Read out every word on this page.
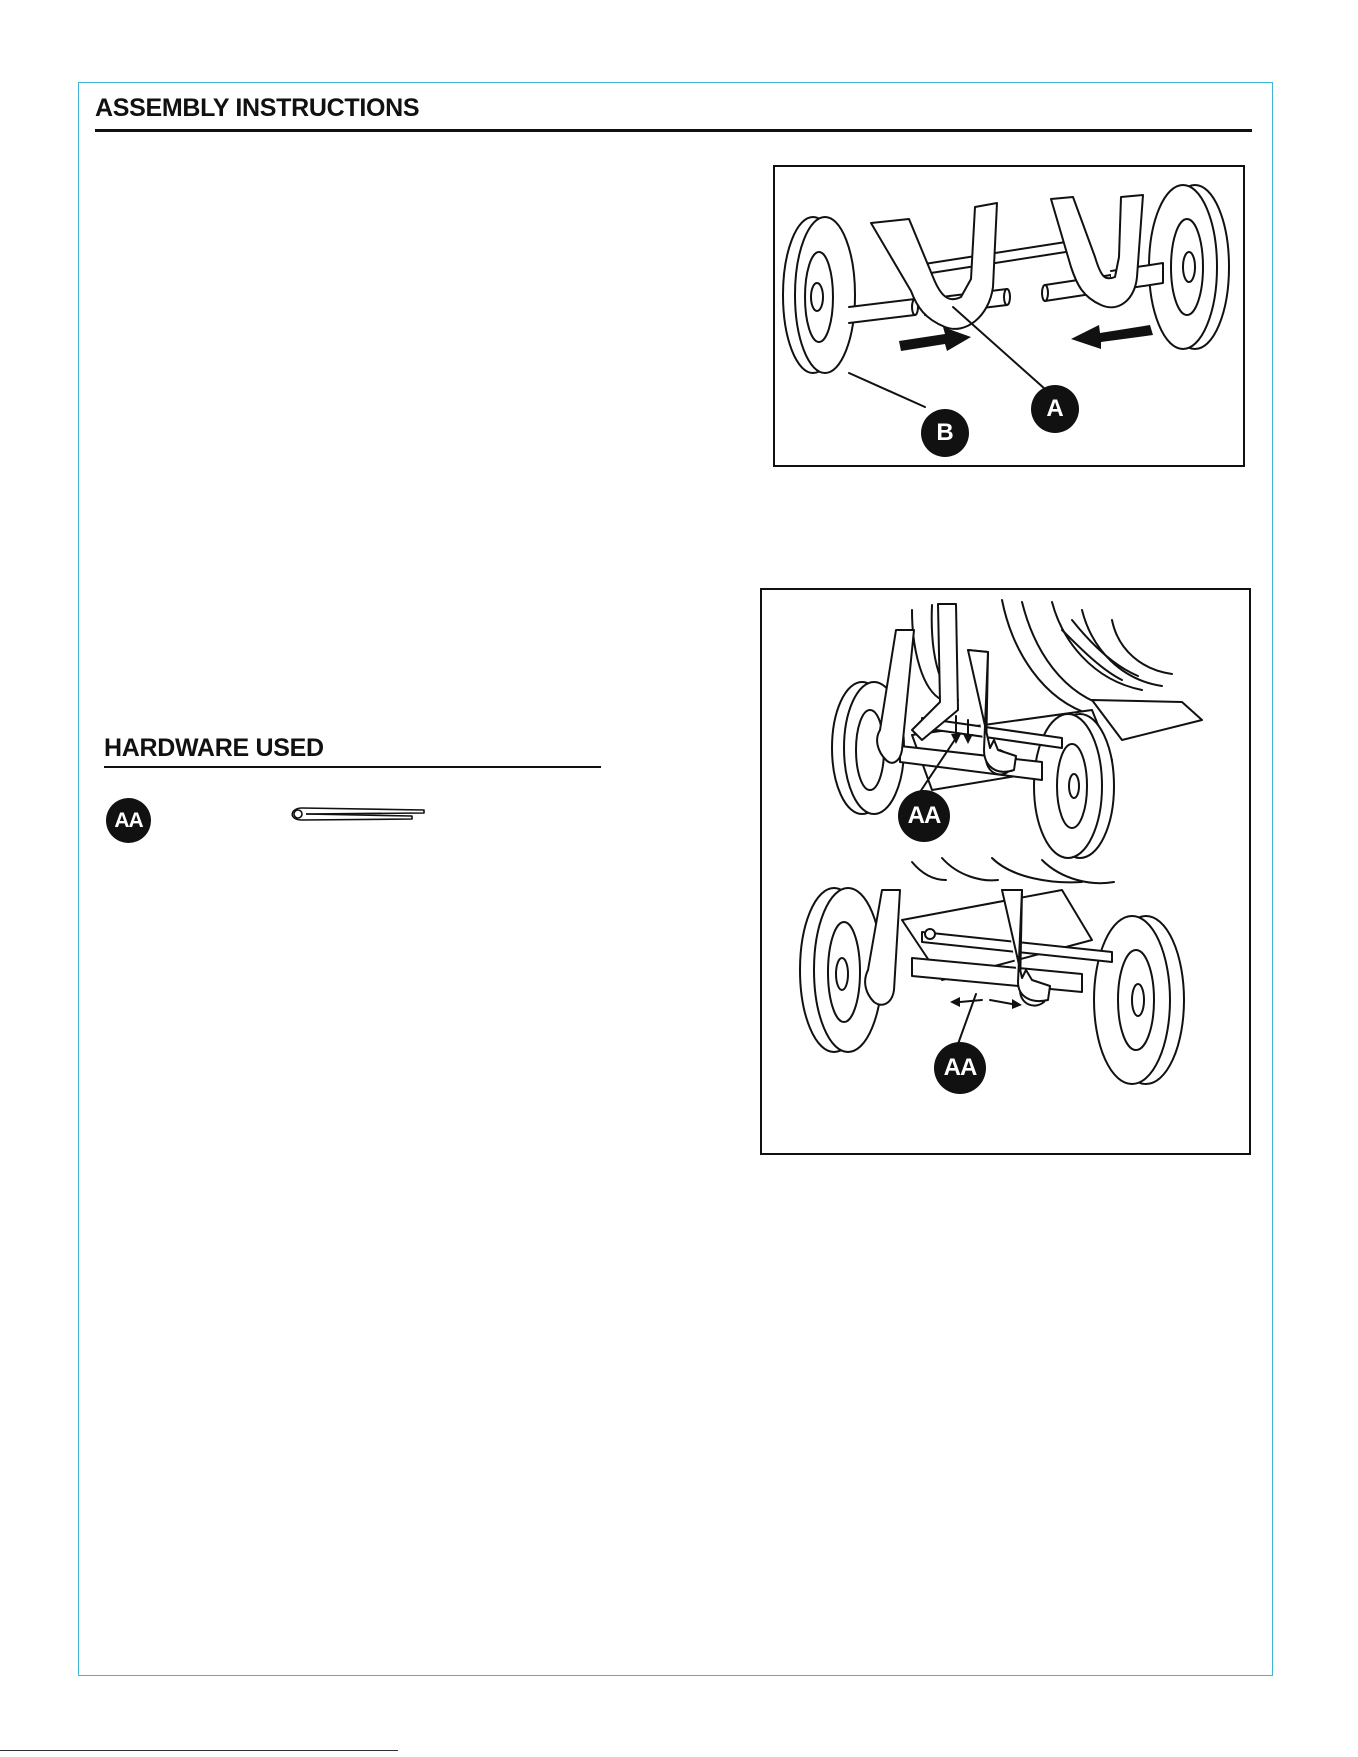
ASSEMBLY INSTRUCTIONS
A
B
HARDWARE USED
AA	AA
AA
